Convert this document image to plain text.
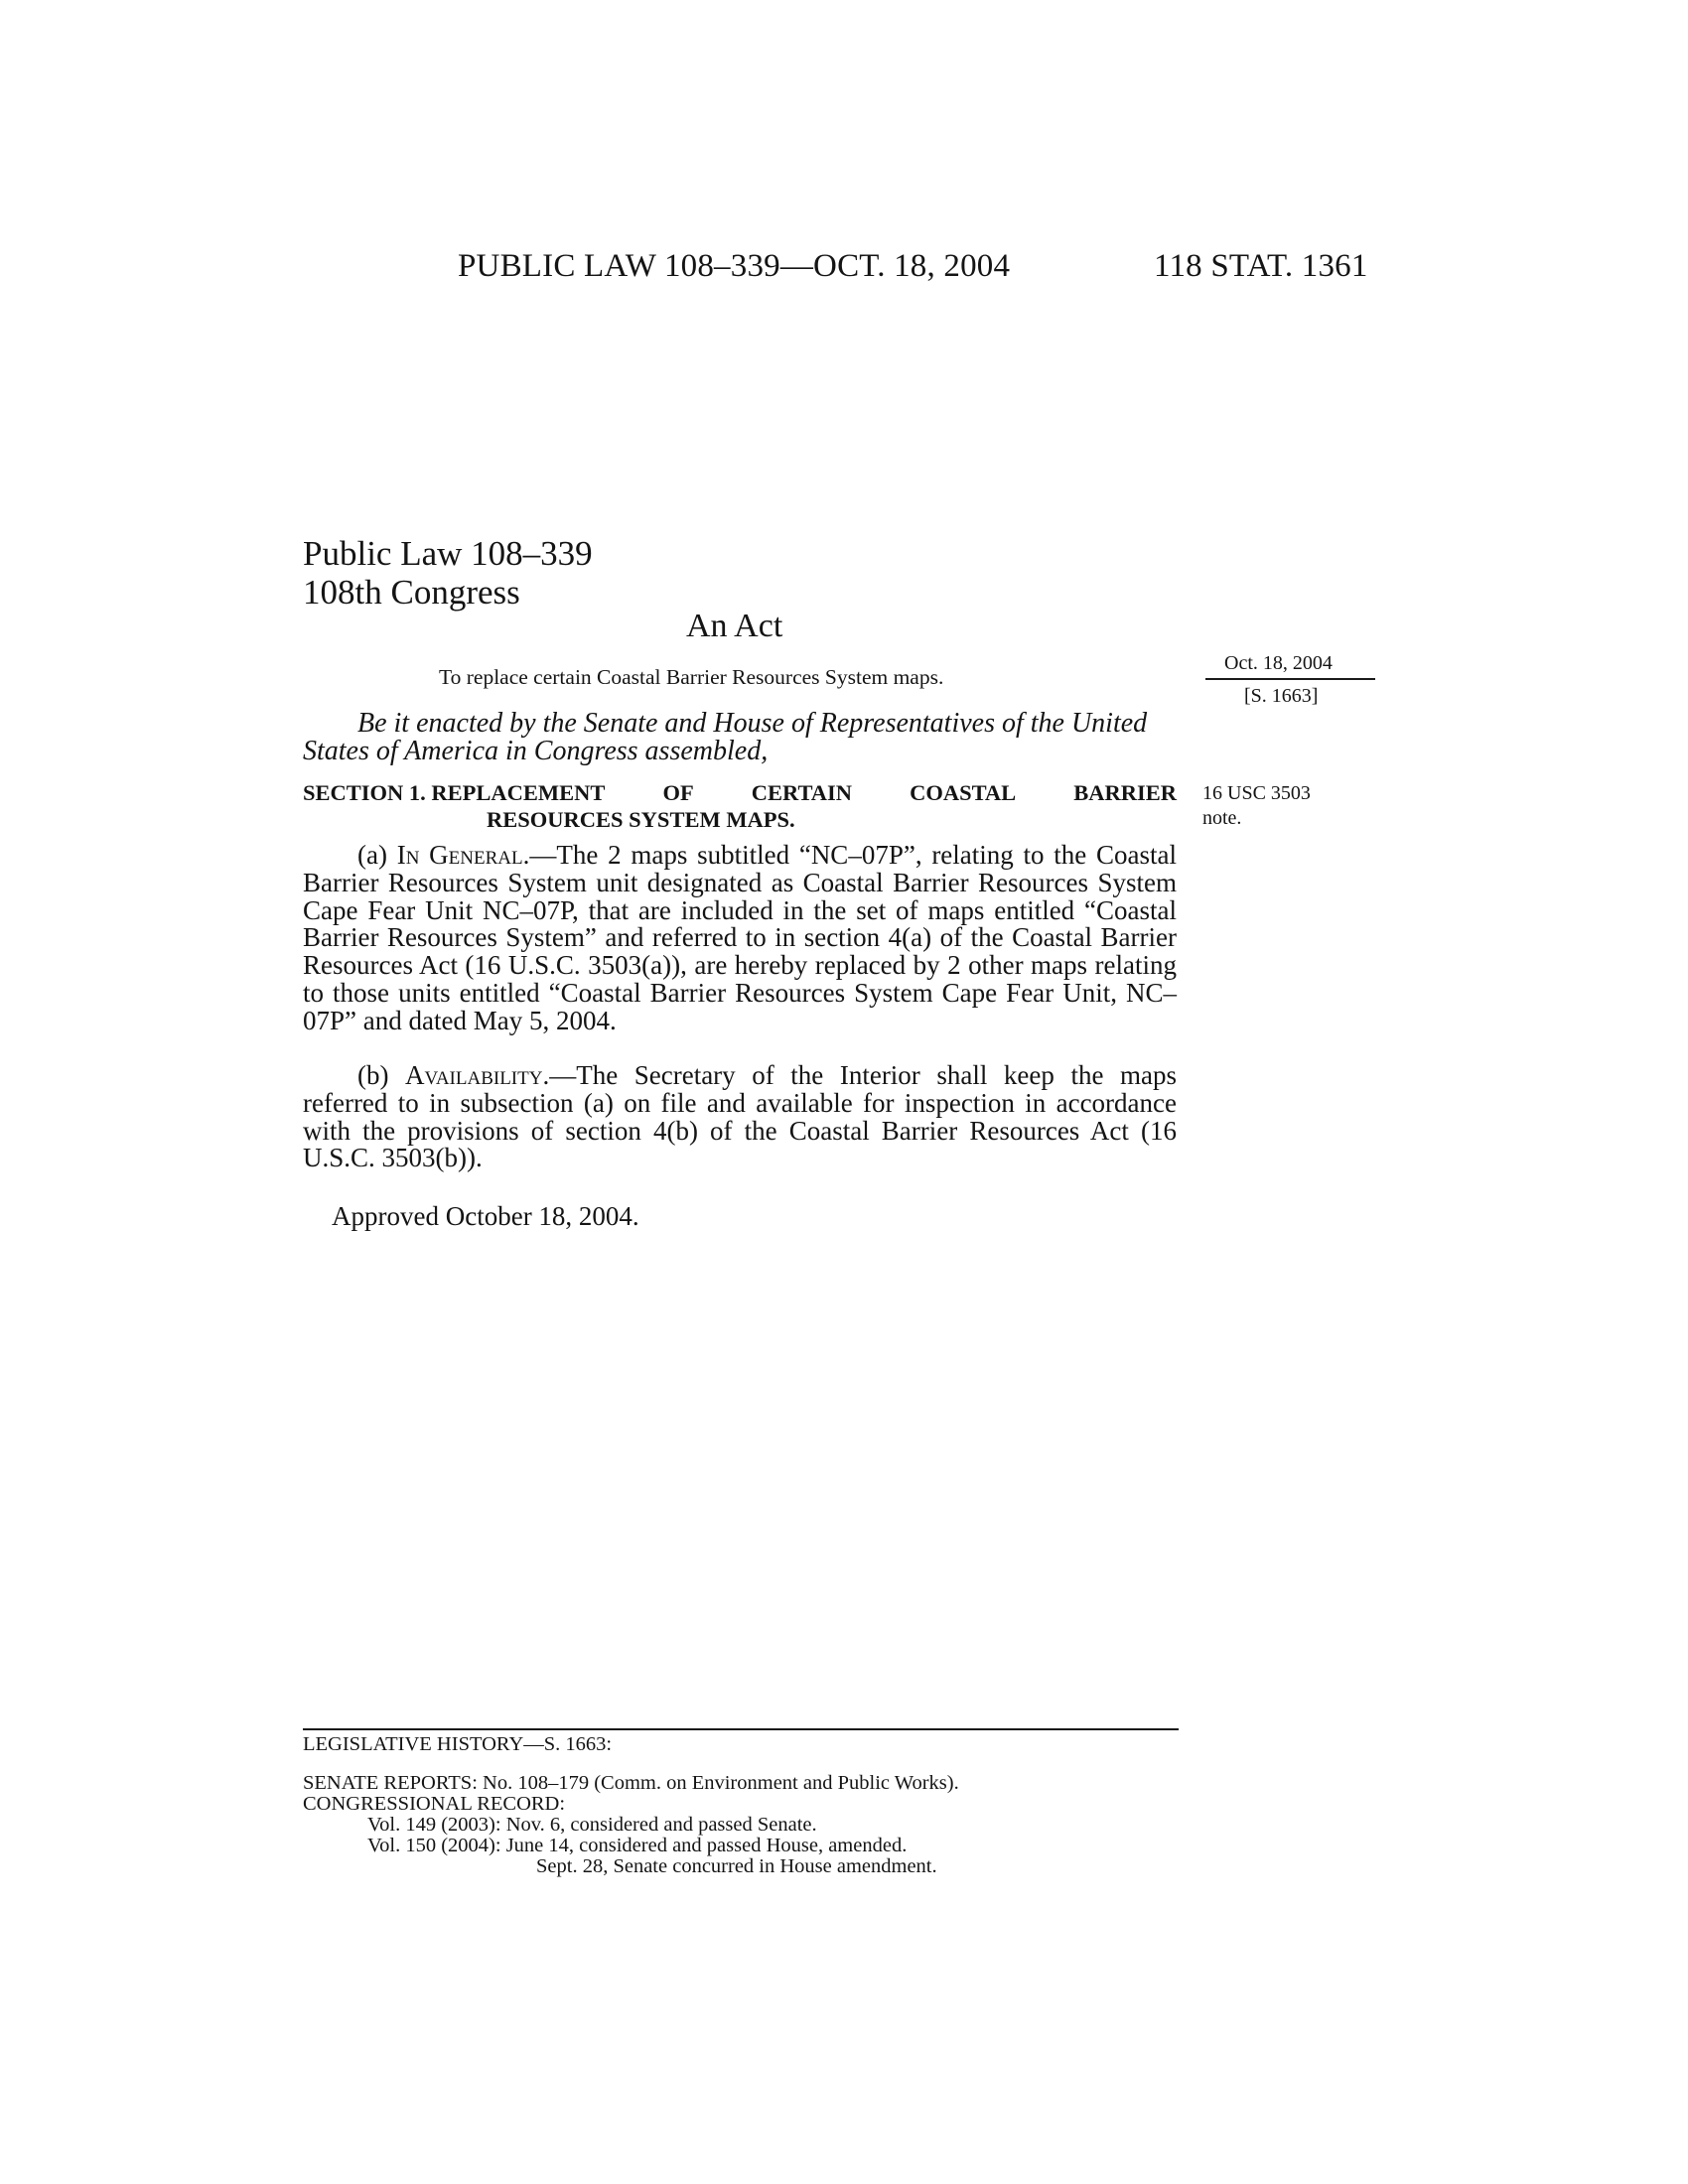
PUBLIC LAW 108–339—OCT. 18, 2004	118 STAT. 1361
Public Law 108–339
108th Congress
An Act
To replace certain Coastal Barrier Resources System maps.
Oct. 18, 2004
[S. 1663]
Be it enacted by the Senate and House of Representatives of the United States of America in Congress assembled,
SECTION 1. REPLACEMENT	OF	CERTAIN	COASTAL	BARRIER
RESOURCES SYSTEM MAPS.
16 USC 3503
note.
(a) In General.—The 2 maps subtitled “NC–07P”, relating to the Coastal Barrier Resources System unit designated as Coastal Barrier Resources System Cape Fear Unit NC–07P, that are included in the set of maps entitled “Coastal Barrier Resources System” and referred to in section 4(a) of the Coastal Barrier Resources Act (16 U.S.C. 3503(a)), are hereby replaced by 2 other maps relating to those units entitled “Coastal Barrier Resources System Cape Fear Unit, NC–07P” and dated May 5, 2004.
(b) Availability.—The Secretary of the Interior shall keep the maps referred to in subsection (a) on file and available for inspection in accordance with the provisions of section 4(b) of the Coastal Barrier Resources Act (16 U.S.C. 3503(b)).
Approved October 18, 2004.
LEGISLATIVE HISTORY—S. 1663:
SENATE REPORTS: No. 108–179 (Comm. on Environment and Public Works).
CONGRESSIONAL RECORD:
Vol. 149 (2003): Nov. 6, considered and passed Senate.
Vol. 150 (2004): June 14, considered and passed House, amended.
Sept. 28, Senate concurred in House amendment.
